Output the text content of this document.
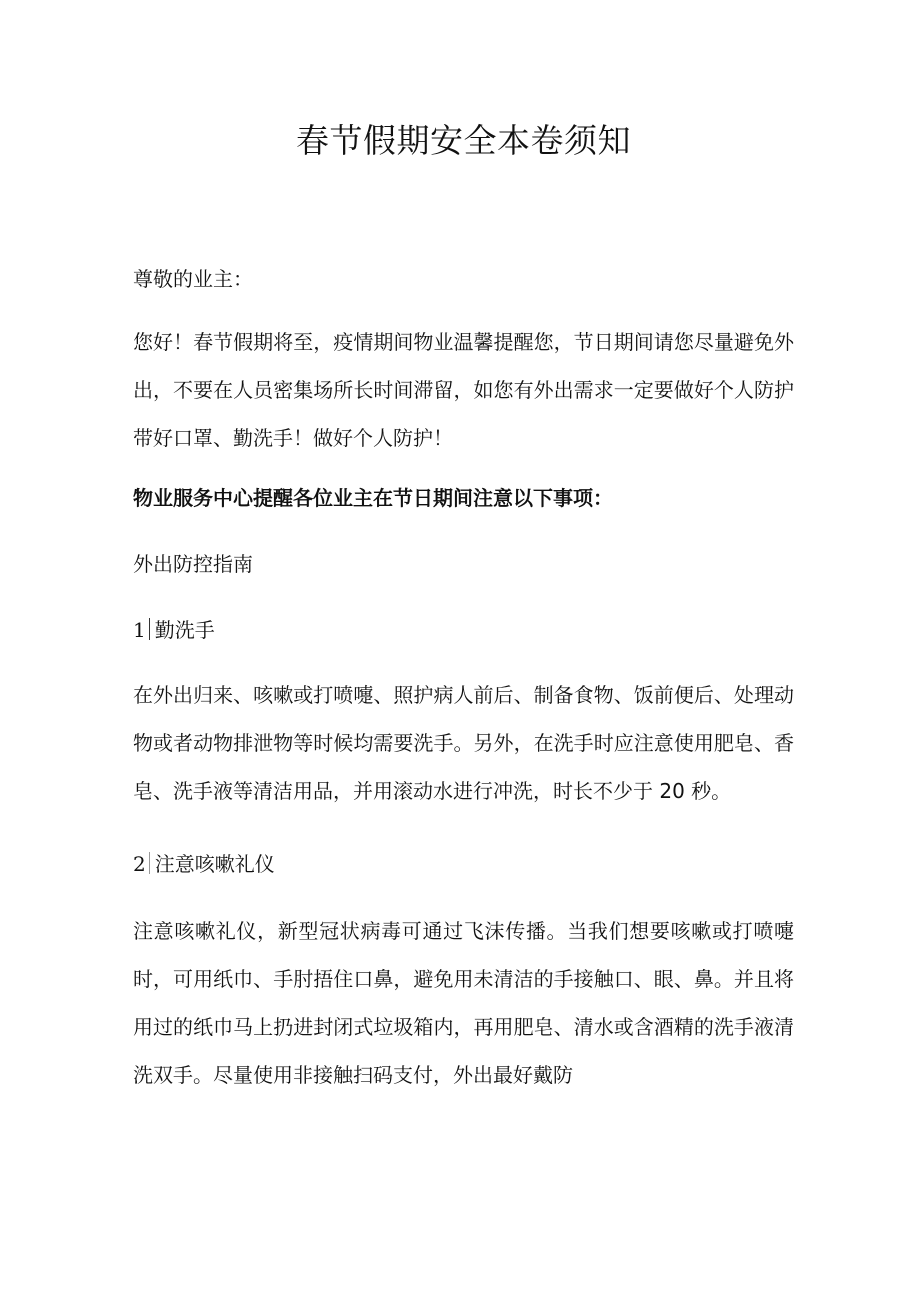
春节假期安全本卷须知

尊敬的业主：

您好！春节假期将至，疫情期间物业温馨提醒您，节日期间请您尽量避免外出，不要在人员密集场所长时间滞留，如您有外出需求一定要做好个人防护带好口罩、勤洗手！做好个人防护！

物业服务中心提醒各位业主在节日期间注意以下事项：

外出防控指南

1 勤洗手

在外出归来、咳嗽或打喷嚏、照护病人前后、制备食物、饭前便后、处理动物或者动物排泄物等时候均需要洗手。另外，在洗手时应注意使用肥皂、香皂、洗手液等清洁用品，并用滚动水进行冲洗，时长不少于 20 秒。

2 注意咳嗽礼仪

注意咳嗽礼仪，新型冠状病毒可通过飞沫传播。当我们想要咳嗽或打喷嚏时，可用纸巾、手肘捂住口鼻，避免用未清洁的手接触口、眼、鼻。并且将用过的纸巾马上扔进封闭式垃圾箱内，再用肥皂、清水或含酒精的洗手液清洗双手。尽量使用非接触扫码支付，外出最好戴防
